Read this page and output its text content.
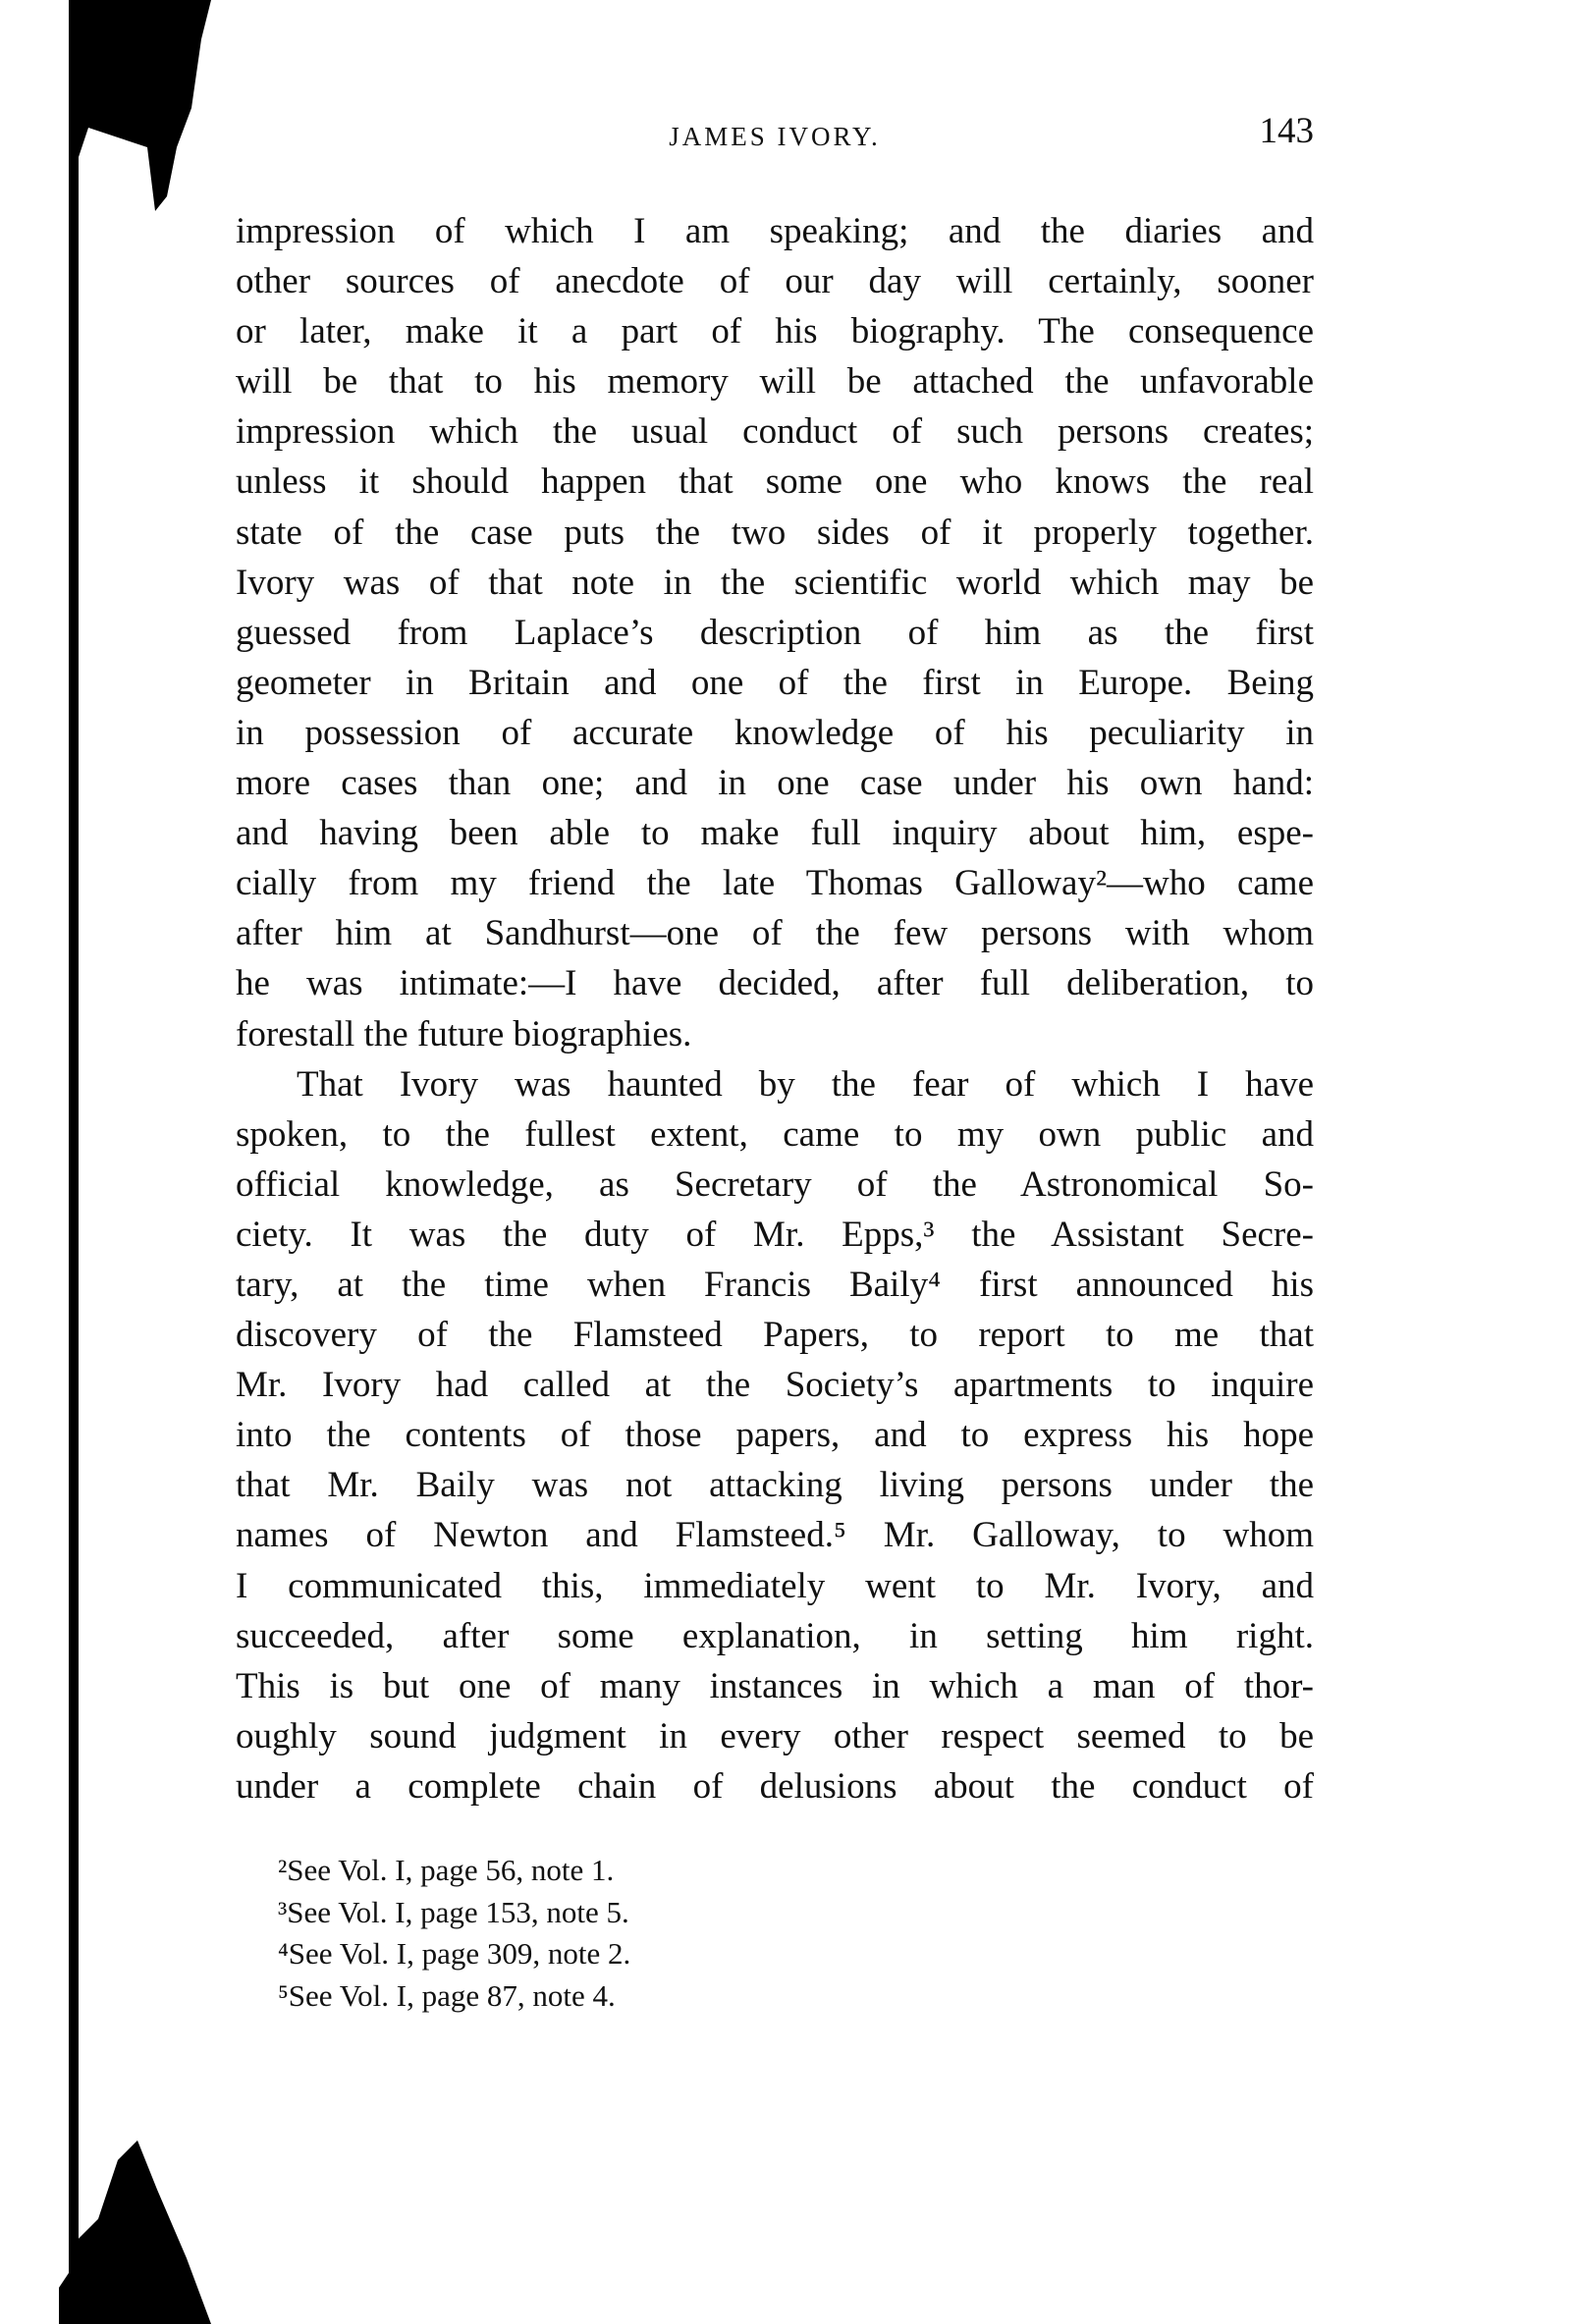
JAMES IVORY.	143
impression of which I am speaking; and the diaries and
other sources of anecdote of our day will certainly, sooner
or later, make it a part of his biography. The consequence
will be that to his memory will be attached the unfavorable
impression which the usual conduct of such persons creates;
unless it should happen that some one who knows the real
state of the case puts the two sides of it properly together.
Ivory was of that note in the scientific world which may be
guessed from Laplace’s description of him as the first
geometer in Britain and one of the first in Europe. Being
in possession of accurate knowledge of his peculiarity in
more cases than one; and in one case under his own hand:
and having been able to make full inquiry about him, espe-
cially from my friend the late Thomas Galloway²—who came
after him at Sandhurst—one of the few persons with whom
he was intimate:—I have decided, after full deliberation, to
forestall the future biographies.
That Ivory was haunted by the fear of which I have
spoken, to the fullest extent, came to my own public and
official knowledge, as Secretary of the Astronomical So-
ciety. It was the duty of Mr. Epps,³ the Assistant Secre-
tary, at the time when Francis Baily⁴ first announced his
discovery of the Flamsteed Papers, to report to me that
Mr. Ivory had called at the Society’s apartments to inquire
into the contents of those papers, and to express his hope
that Mr. Baily was not attacking living persons under the
names of Newton and Flamsteed.⁵ Mr. Galloway, to whom
I communicated this, immediately went to Mr. Ivory, and
succeeded, after some explanation, in setting him right.
This is but one of many instances in which a man of thor-
oughly sound judgment in every other respect seemed to be
under a complete chain of delusions about the conduct of
²See Vol. I, page 56, note 1.
³See Vol. I, page 153, note 5.
⁴See Vol. I, page 309, note 2.
⁵See Vol. I, page 87, note 4.
